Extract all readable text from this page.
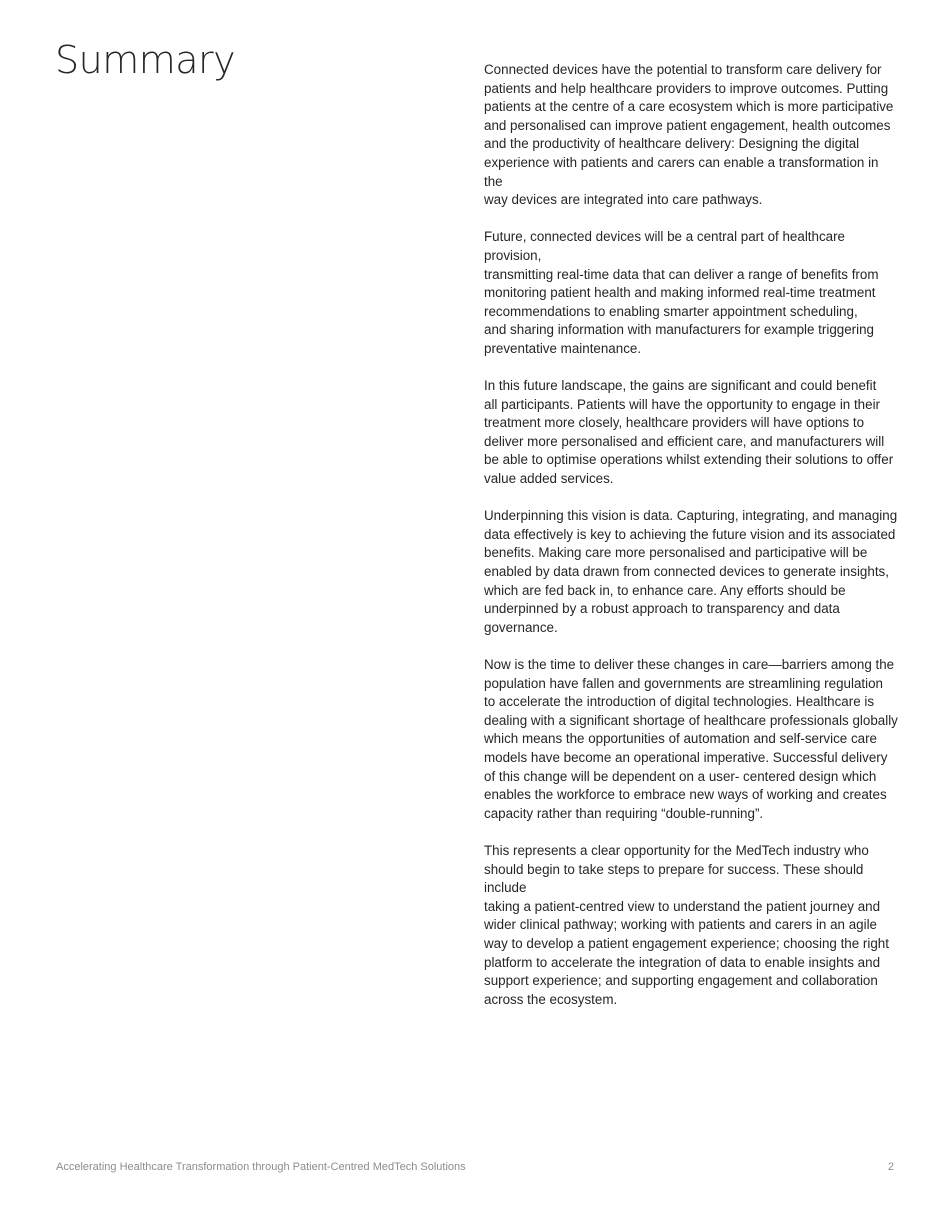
Summary	Connected devices have the potential to transform care delivery for
patients and help healthcare providers to improve outcomes. Putting
patients at the centre of a care ecosystem which is more participative
and personalised can improve patient engagement, health outcomes
and the productivity of healthcare delivery: Designing the digital
experience with patients and carers can enable a transformation in the
way devices are integrated into care pathways.

Future, connected devices will be a central part of healthcare provision,
transmitting real-time data that can deliver a range of benefits from
monitoring patient health and making informed real-time treatment
recommendations to enabling smarter appointment scheduling,
and sharing information with manufacturers for example triggering
preventative maintenance.

In this future landscape, the gains are significant and could benefit
all participants. Patients will have the opportunity to engage in their
treatment more closely, healthcare providers will have options to
deliver more personalised and efficient care, and manufacturers will
be able to optimise operations whilst extending their solutions to offer
value added services.

Underpinning this vision is data. Capturing, integrating, and managing
data effectively is key to achieving the future vision and its associated
benefits. Making care more personalised and participative will be
enabled by data drawn from connected devices to generate insights,
which are fed back in, to enhance care. Any efforts should be
underpinned by a robust approach to transparency and data governance.

Now is the time to deliver these changes in care—barriers among the
population have fallen and governments are streamlining regulation
to accelerate the introduction of digital technologies. Healthcare is
dealing with a significant shortage of healthcare professionals globally
which means the opportunities of automation and self-service care
models have become an operational imperative. Successful delivery
of this change will be dependent on a user- centered design which
enables the workforce to embrace new ways of working and creates
capacity rather than requiring “double-running”.

This represents a clear opportunity for the MedTech industry who
should begin to take steps to prepare for success. These should include
taking a patient-centred view to understand the patient journey and
wider clinical pathway; working with patients and carers in an agile
way to develop a patient engagement experience; choosing the right
platform to accelerate the integration of data to enable insights and
support experience; and supporting engagement and collaboration
across the ecosystem.

Accelerating Healthcare Transformation through Patient-Centred MedTech Solutions	2
